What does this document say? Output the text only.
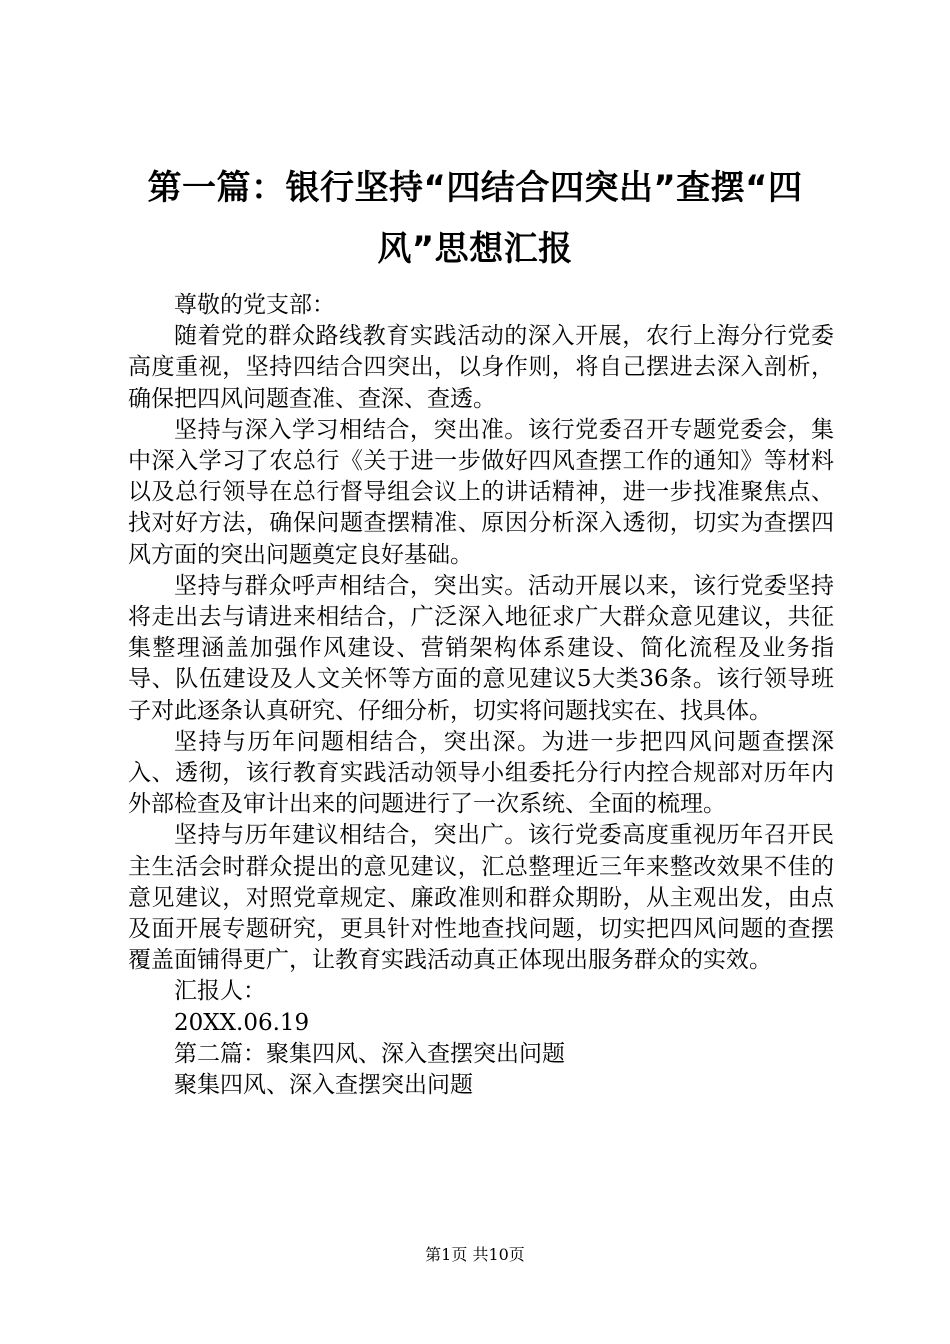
第一篇：银行坚持“四结合四突出”查摆“四风”思想汇报

尊敬的党支部：

随着党的群众路线教育实践活动的深入开展，农行上海分行党委高度重视，坚持四结合四突出，以身作则，将自己摆进去深入剖析，确保把四风问题查准、查深、查透。

坚持与深入学习相结合，突出准。该行党委召开专题党委会，集中深入学习了农总行《关于进一步做好四风查摆工作的通知》等材料以及总行领导在总行督导组会议上的讲话精神，进一步找准聚焦点、找对好方法，确保问题查摆精准、原因分析深入透彻，切实为查摆四风方面的突出问题奠定良好基础。

坚持与群众呼声相结合，突出实。活动开展以来，该行党委坚持将走出去与请进来相结合，广泛深入地征求广大群众意见建议，共征集整理涵盖加强作风建设、营销架构体系建设、简化流程及业务指导、队伍建设及人文关怀等方面的意见建议5大类36条。该行领导班子对此逐条认真研究、仔细分析，切实将问题找实在、找具体。

坚持与历年问题相结合，突出深。为进一步把四风问题查摆深入、透彻，该行教育实践活动领导小组委托分行内控合规部对历年内外部检查及审计出来的问题进行了一次系统、全面的梳理。

坚持与历年建议相结合，突出广。该行党委高度重视历年召开民主生活会时群众提出的意见建议，汇总整理近三年来整改效果不佳的意见建议，对照党章规定、廉政准则和群众期盼，从主观出发，由点及面开展专题研究，更具针对性地查找问题，切实把四风问题的查摆覆盖面铺得更广，让教育实践活动真正体现出服务群众的实效。

汇报人：

20XX.06.19

第二篇：聚集四风、深入查摆突出问题

聚集四风、深入查摆突出问题

第1页 共10页
